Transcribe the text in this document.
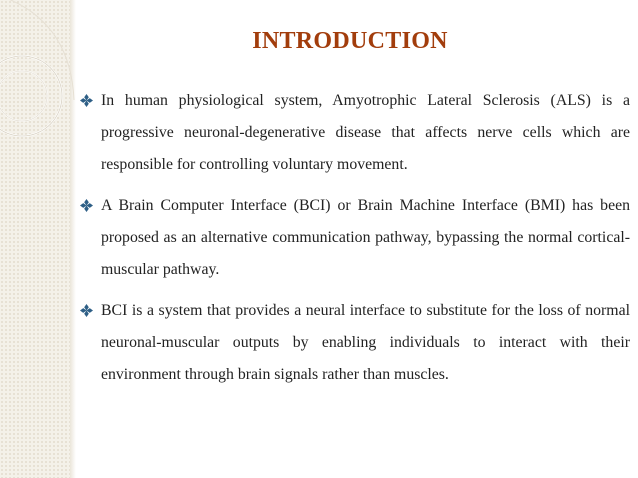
INTRODUCTION
In human physiological system, Amyotrophic Lateral Sclerosis (ALS) is a progressive neuronal-degenerative disease that affects nerve cells which are responsible for controlling voluntary movement.
A Brain Computer Interface (BCI) or Brain Machine Interface (BMI) has been proposed as an alternative communication pathway, bypassing the normal cortical-muscular pathway.
BCI is a system that provides a neural interface to substitute for the loss of normal neuronal-muscular outputs by enabling individuals to interact with their environment through brain signals rather than muscles.
